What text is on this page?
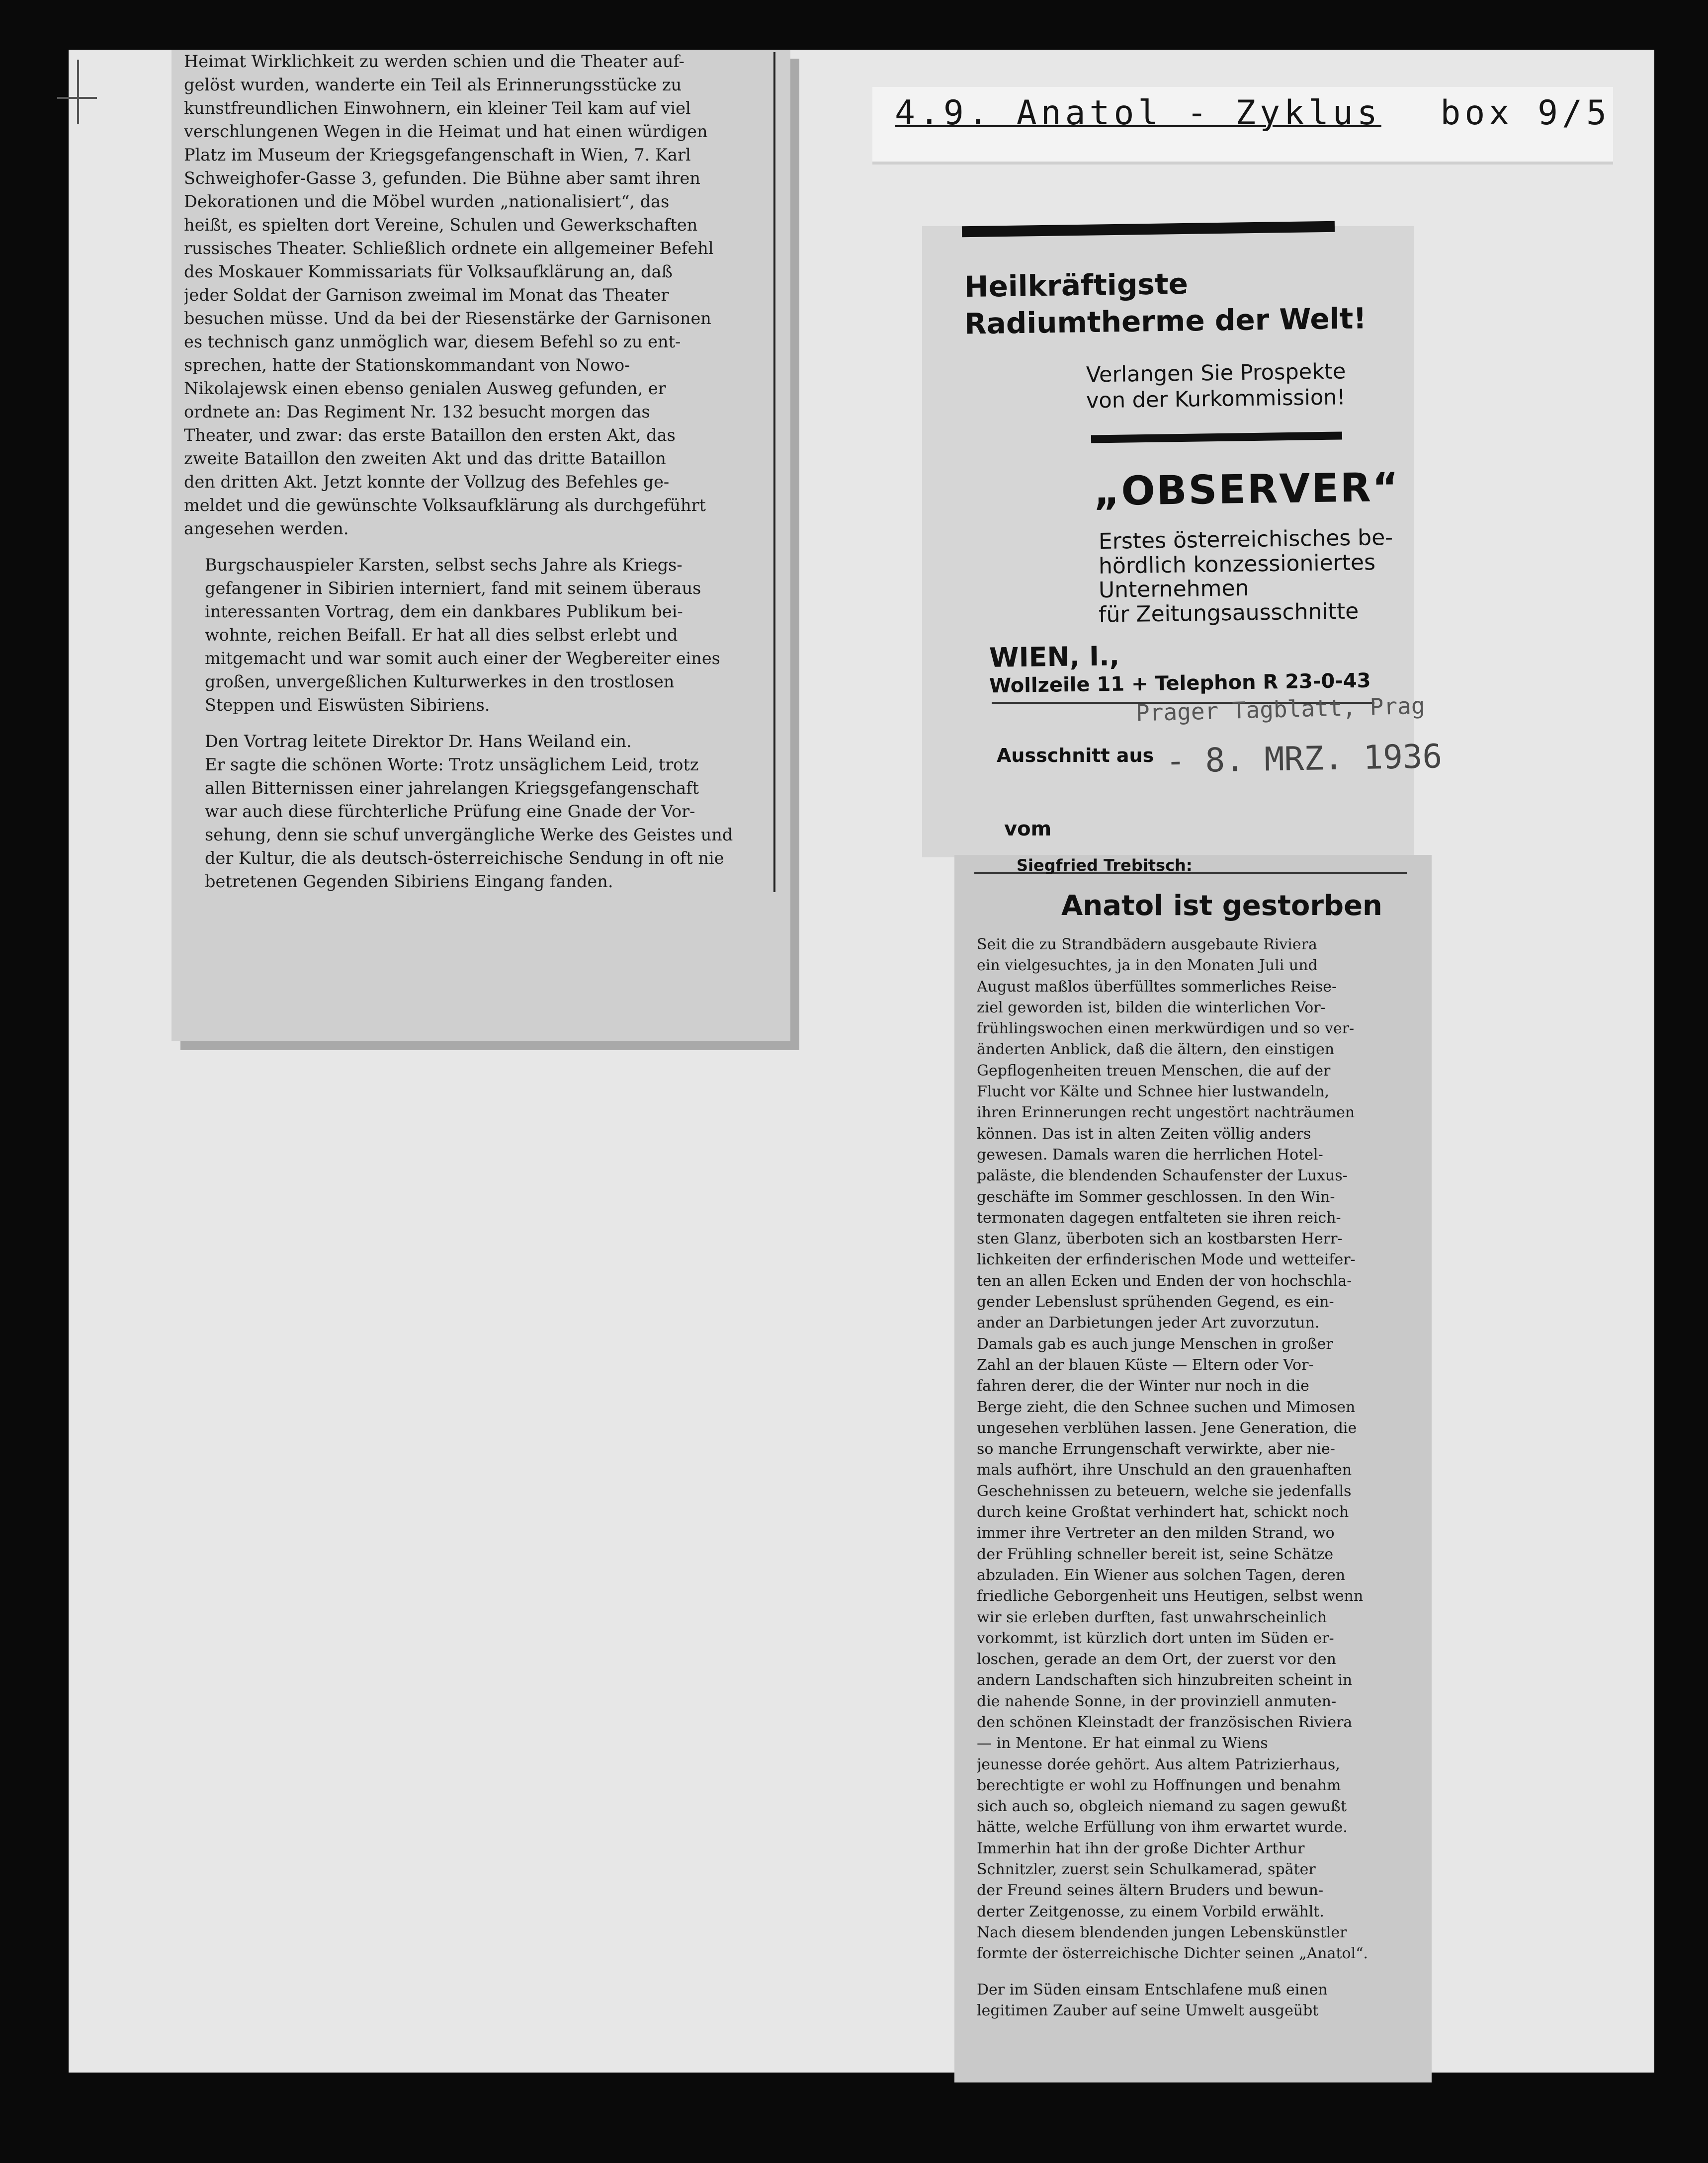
Heimat Wirklichkeit zu werden schien und die Theater auf-
gelöst wurden, wanderte ein Teil als Erinnerungsstücke zu
kunstfreundlichen Einwohnern, ein kleiner Teil kam auf viel
verschlungenen Wegen in die Heimat und hat einen würdigen
Platz im Museum der Kriegsgefangenschaft in Wien, 7. Karl
Schweighofer-Gasse 3, gefunden. Die Bühne aber samt ihren
Dekorationen und die Möbel wurden „nationalisiert“, das
heißt, es spielten dort Vereine, Schulen und Gewerkschaften
russisches Theater. Schließlich ordnete ein allgemeiner Befehl
des Moskauer Kommissariats für Volksaufklärung an, daß
jeder Soldat der Garnison zweimal im Monat das Theater
besuchen müsse. Und da bei der Riesenstärke der Garnisonen
es technisch ganz unmöglich war, diesem Befehl so zu ent-
sprechen, hatte der Stationskommandant von Nowo-
Nikolajewsk einen ebenso genialen Ausweg gefunden, er
ordnete an: Das Regiment Nr. 132 besucht morgen das
Theater, und zwar: das erste Bataillon den ersten Akt, das
zweite Bataillon den zweiten Akt und das dritte Bataillon
den dritten Akt. Jetzt konnte der Vollzug des Befehles ge-
meldet und die gewünschte Volksaufklärung als durchgeführt
angesehen werden.

Burgschauspieler Karsten, selbst sechs Jahre als Kriegs-
gefangener in Sibirien interniert, fand mit seinem überaus
interessanten Vortrag, dem ein dankbares Publikum bei-
wohnte, reichen Beifall. Er hat all dies selbst erlebt und
mitgemacht und war somit auch einer der Wegbereiter eines
großen, unvergeßlichen Kulturwerkes in den trostlosen
Steppen und Eiswüsten Sibiriens.

Den Vortrag leitete Direktor Dr. Hans Weiland ein.
Er sagte die schönen Worte: Trotz unsäglichem Leid, trotz
allen Bitternissen einer jahrelangen Kriegsgefangenschaft
war auch diese fürchterliche Prüfung eine Gnade der Vor-
sehung, denn sie schuf unvergängliche Werke des Geistes und
der Kultur, die als deutsch-österreichische Sendung in oft nie
betretenen Gegenden Sibiriens Eingang fanden.

4.9. Anatol - Zyklus box 9/5
Heilkräftigste
Radiumtherme der Welt!
Verlangen Sie Prospekte
von der Kurkommission!
„OBSERVER“
Erstes österreichisches be-
hördlich konzessioniertes
Unternehmen
für Zeitungsausschnitte
WIEN, I.,
Wollzeile 11 + Telephon R 23-0-43
Prager Tagblatt, Prag
Ausschnitt aus - 8. MRZ. 1936
vom
Siegfried Trebitsch:
Anatol ist gestorben

Seit die zu Strandbädern ausgebaute Riviera
ein vielgesuchtes, ja in den Monaten Juli und
August maßlos überfülltes sommerliches Reise-
ziel geworden ist, bilden die winterlichen Vor-
frühlingswochen einen merkwürdigen und so ver-
änderten Anblick, daß die ältern, den einstigen
Gepflogenheiten treuen Menschen, die auf der
Flucht vor Kälte und Schnee hier lustwandeln,
ihren Erinnerungen recht ungestört nachträumen
können. Das ist in alten Zeiten völlig anders
gewesen. Damals waren die herrlichen Hotel-
paläste, die blendenden Schaufenster der Luxus-
geschäfte im Sommer geschlossen. In den Win-
termonaten dagegen entfalteten sie ihren reich-
sten Glanz, überboten sich an kostbarsten Herr-
lichkeiten der erfinderischen Mode und wetteifer-
ten an allen Ecken und Enden der von hochschla-
gender Lebenslust sprühenden Gegend, es ein-
ander an Darbietungen jeder Art zuvorzutun.
Damals gab es auch junge Menschen in großer
Zahl an der blauen Küste — Eltern oder Vor-
fahren derer, die der Winter nur noch in die
Berge zieht, die den Schnee suchen und Mimosen
ungesehen verblühen lassen. Jene Generation, die
so manche Errungenschaft verwirkte, aber nie-
mals aufhört, ihre Unschuld an den grauenhaften
Geschehnissen zu beteuern, welche sie jedenfalls
durch keine Großtat verhindert hat, schickt noch
immer ihre Vertreter an den milden Strand, wo
der Frühling schneller bereit ist, seine Schätze
abzuladen. Ein Wiener aus solchen Tagen, deren
friedliche Geborgenheit uns Heutigen, selbst wenn
wir sie erleben durften, fast unwahrscheinlich
vorkommt, ist kürzlich dort unten im Süden er-
loschen, gerade an dem Ort, der zuerst vor den
andern Landschaften sich hinzubreiten scheint in
die nahende Sonne, in der provinziell anmuten-
den schönen Kleinstadt der französischen Riviera
— in Mentone. Er hat einmal zu Wiens
jeunesse dorée gehört. Aus altem Patrizierhaus,
berechtigte er wohl zu Hoffnungen und benahm
sich auch so, obgleich niemand zu sagen gewußt
hätte, welche Erfüllung von ihm erwartet wurde.
Immerhin hat ihn der große Dichter Arthur
Schnitzler, zuerst sein Schulkamerad, später
der Freund seines ältern Bruders und bewun-
derter Zeitgenosse, zu einem Vorbild erwählt.
Nach diesem blendenden jungen Lebenskünstler
formte der österreichische Dichter seinen „Anatol“.

Der im Süden einsam Entschlafene muß einen
legitimen Zauber auf seine Umwelt ausgeübt
